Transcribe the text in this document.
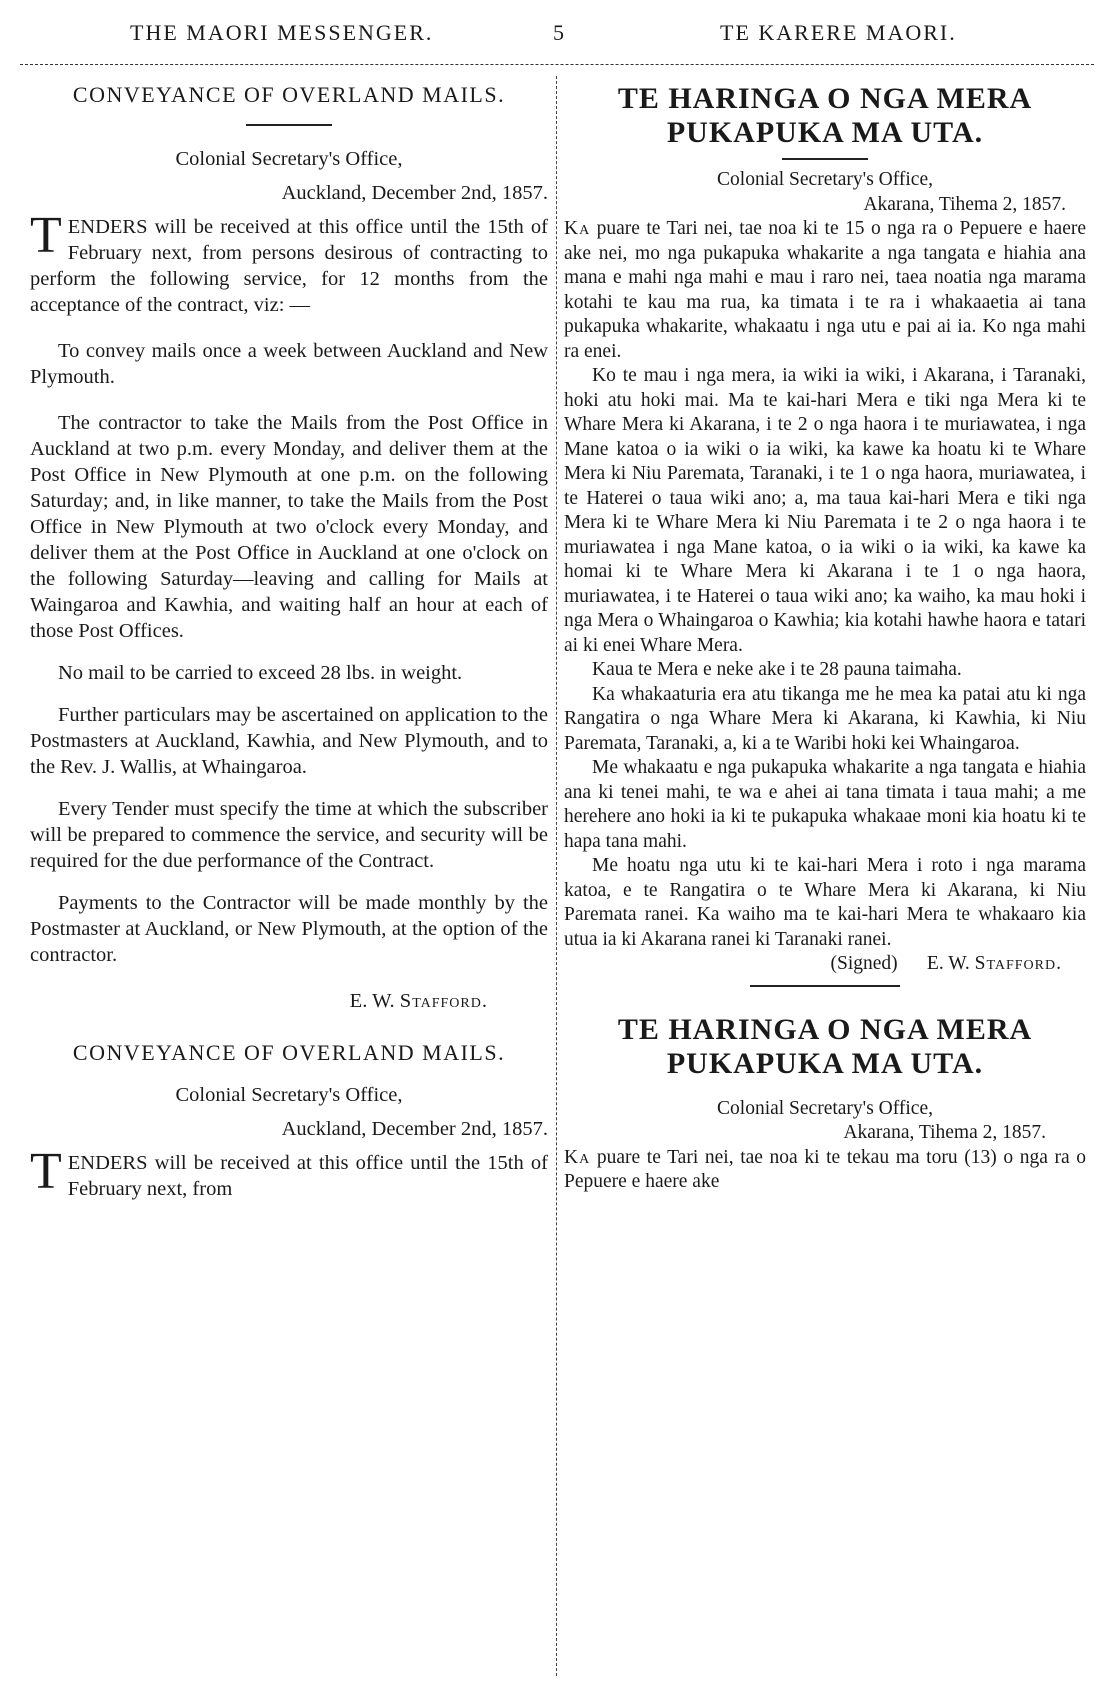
THE MAORI MESSENGER.	5	TE KARERE MAORI.
CONVEYANCE OF OVERLAND MAILS.

Colonial Secretary's Office,

Auckland, December 2nd, 1857.

TENDERS will be received at this office until the 15th of February next, from persons desirous of contracting to perform the following service, for 12 months from the acceptance of the contract, viz: —

To convey mails once a week between Auckland and New Plymouth.

The contractor to take the Mails from the Post Office in Auckland at two p.m. every Monday, and deliver them at the Post Office in New Plymouth at one p.m. on the following Saturday; and, in like manner, to take the Mails from the Post Office in New Plymouth at two o'clock every Monday, and deliver them at the Post Office in Auckland at one o'clock on the following Saturday—leaving and calling for Mails at Waingaroa and Kawhia, and waiting half an hour at each of those Post Offices.

No mail to be carried to exceed 28 lbs. in weight.

Further particulars may be ascertained on application to the Postmasters at Auckland, Kawhia, and New Plymouth, and to the Rev. J. Wallis, at Whaingaroa.

Every Tender must specify the time at which the subscriber will be prepared to commence the service, and security will be required for the due performance of the Contract.

Payments to the Contractor will be made monthly by the Postmaster at Auckland, or New Plymouth, at the option of the contractor.

E. W. Stafford.

CONVEYANCE OF OVERLAND MAILS.

Colonial Secretary's Office,

Auckland, December 2nd, 1857.

TENDERS will be received at this office until the 15th of February next, from

TE HARINGA O NGA MERA
PUKAPUKA MA UTA.

Colonial Secretary's Office,

Akarana, Tihema 2, 1857.

Ka puare te Tari nei, tae noa ki te 15 o nga ra o Pepuere e haere ake nei, mo nga pukapuka whakarite a nga tangata e hiahia ana mana e mahi nga mahi e mau i raro nei, taea noatia nga marama kotahi te kau ma rua, ka timata i te ra i whakaaetia ai tana pukapuka whakarite, whakaatu i nga utu e pai ai ia. Ko nga mahi ra enei.

Ko te mau i nga mera, ia wiki ia wiki, i Akarana, i Taranaki, hoki atu hoki mai. Ma te kai-hari Mera e tiki nga Mera ki te Whare Mera ki Akarana, i te 2 o nga haora i te muriawatea, i nga Mane katoa o ia wiki o ia wiki, ka kawe ka hoatu ki te Whare Mera ki Niu Paremata, Taranaki, i te 1 o nga haora, muriawatea, i te Haterei o taua wiki ano; a, ma taua kai-hari Mera e tiki nga Mera ki te Whare Mera ki Niu Paremata i te 2 o nga haora i te muriawatea i nga Mane katoa, o ia wiki o ia wiki, ka kawe ka homai ki te Whare Mera ki Akarana i te 1 o nga haora, muriawatea, i te Haterei o taua wiki ano; ka waiho, ka mau hoki i nga Mera o Whaingaroa o Kawhia; kia kotahi hawhe haora e tatari ai ki enei Whare Mera.

Kaua te Mera e neke ake i te 28 pauna taimaha.

Ka whakaaturia era atu tikanga me he mea ka patai atu ki nga Rangatira o nga Whare Mera ki Akarana, ki Kawhia, ki Niu Paremata, Taranaki, a, ki a te Waribi hoki kei Whaingaroa.

Me whakaatu e nga pukapuka whakarite a nga tangata e hiahia ana ki tenei mahi, te wa e ahei ai tana timata i taua mahi; a me herehere ano hoki ia ki te pukapuka whakaae moni kia hoatu ki te hapa tana mahi.

Me hoatu nga utu ki te kai-hari Mera i roto i nga marama katoa, e te Rangatira o te Whare Mera ki Akarana, ki Niu Paremata ranei. Ka waiho ma te kai-hari Mera te whakaaro kia utua ia ki Akarana ranei ki Taranaki ranei.

(Signed) E. W. Stafford.

TE HARINGA O NGA MERA
PUKAPUKA MA UTA.

Colonial Secretary's Office,

Akarana, Tihema 2, 1857.

Ka puare te Tari nei, tae noa ki te tekau ma toru (13) o nga ra o Pepuere e haere ake
